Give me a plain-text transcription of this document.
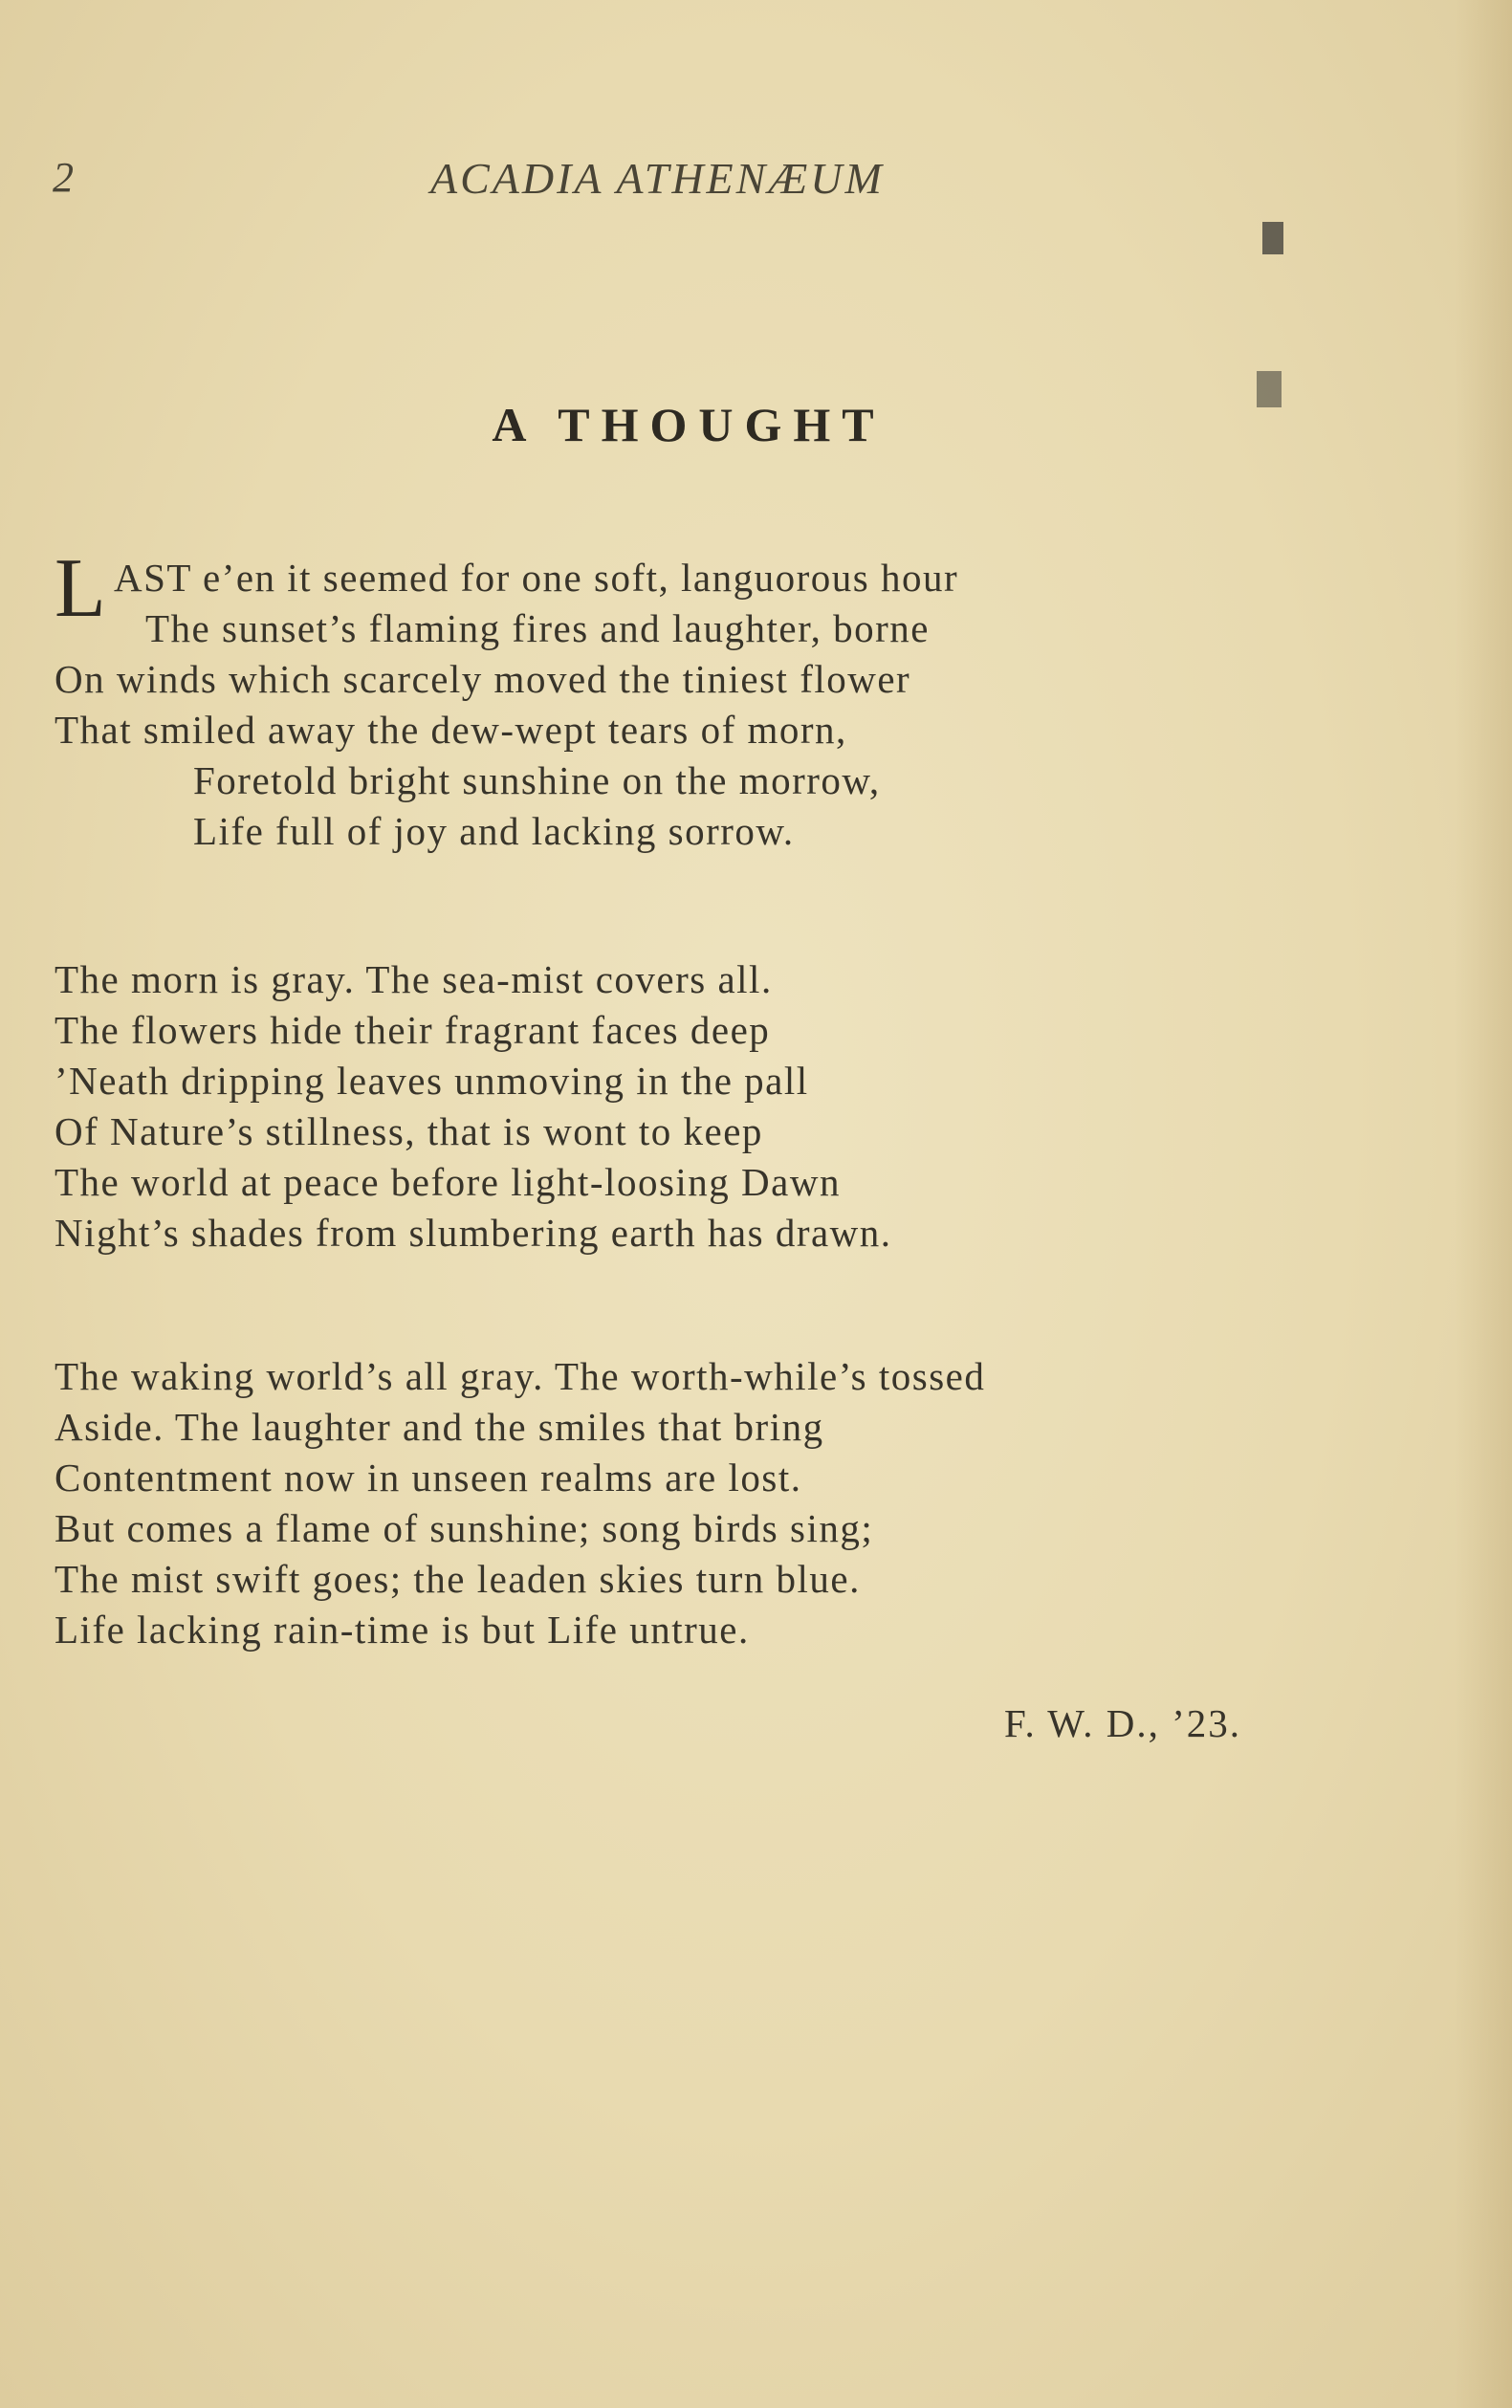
2	ACADIA ATHENÆUM
A THOUGHT
L AST e’en it seemed for one soft, languorous hour
The sunset’s flaming fires and laughter, borne
On winds which scarcely moved the tiniest flower
That smiled away the dew-wept tears of morn,
Foretold bright sunshine on the morrow,
Life full of joy and lacking sorrow.
The morn is gray. The sea-mist covers all.
The flowers hide their fragrant faces deep
’Neath dripping leaves unmoving in the pall
Of Nature’s stillness, that is wont to keep
The world at peace before light-loosing Dawn
Night’s shades from slumbering earth has drawn.
The waking world’s all gray. The worth-while’s tossed
Aside. The laughter and the smiles that bring
Contentment now in unseen realms are lost.
But comes a flame of sunshine; song birds sing;
The mist swift goes; the leaden skies turn blue.
Life lacking rain-time is but Life untrue.
F. W. D., ’23.
